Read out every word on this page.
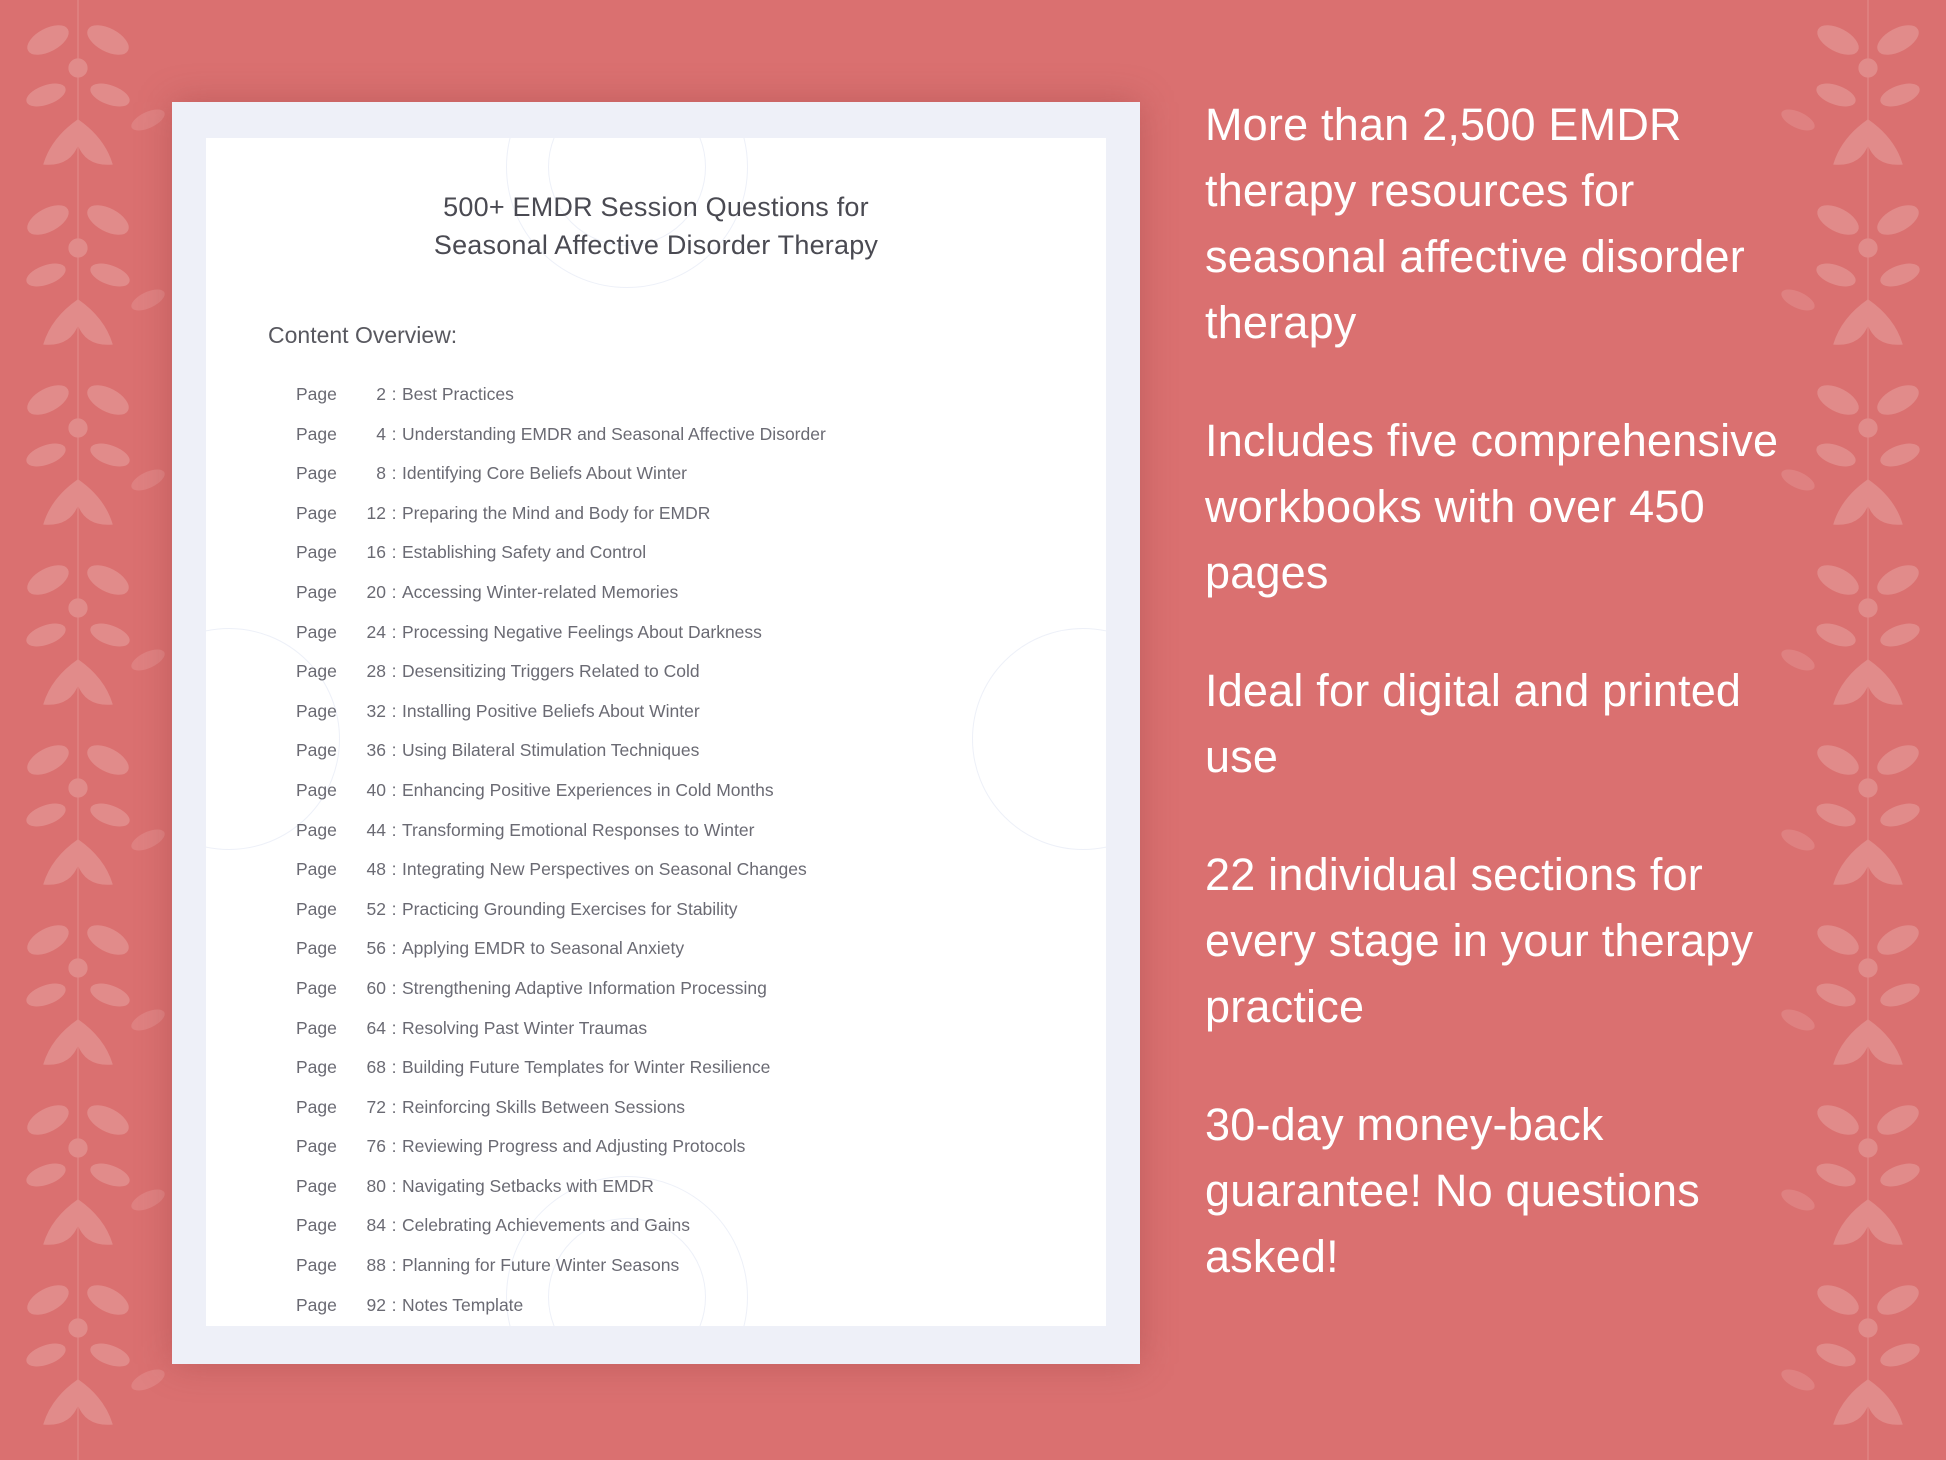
500+ EMDR Session Questions for
Seasonal Affective Disorder Therapy
Content Overview:
Page	2 : Best Practices
Page	4 : Understanding EMDR and Seasonal Affective Disorder
Page	8 : Identifying Core Beliefs About Winter
Page	12 : Preparing the Mind and Body for EMDR
Page	16 : Establishing Safety and Control
Page	20 : Accessing Winter-related Memories
Page	24 : Processing Negative Feelings About Darkness
Page	28 : Desensitizing Triggers Related to Cold
Page	32 : Installing Positive Beliefs About Winter
Page	36 : Using Bilateral Stimulation Techniques
Page	40 : Enhancing Positive Experiences in Cold Months
Page	44 : Transforming Emotional Responses to Winter
Page	48 : Integrating New Perspectives on Seasonal Changes
Page	52 : Practicing Grounding Exercises for Stability
Page	56 : Applying EMDR to Seasonal Anxiety
Page	60 : Strengthening Adaptive Information Processing
Page	64 : Resolving Past Winter Traumas
Page	68 : Building Future Templates for Winter Resilience
Page	72 : Reinforcing Skills Between Sessions
Page	76 : Reviewing Progress and Adjusting Protocols
Page	80 : Navigating Setbacks with EMDR
Page	84 : Celebrating Achievements and Gains
Page	88 : Planning for Future Winter Seasons
Page	92 : Notes Template

More than 2,500 EMDR therapy resources for seasonal affective disorder therapy

Includes five comprehensive workbooks with over 450 pages

Ideal for digital and printed use

22 individual sections for every stage in your therapy practice

30-day money-back guarantee! No questions asked!
